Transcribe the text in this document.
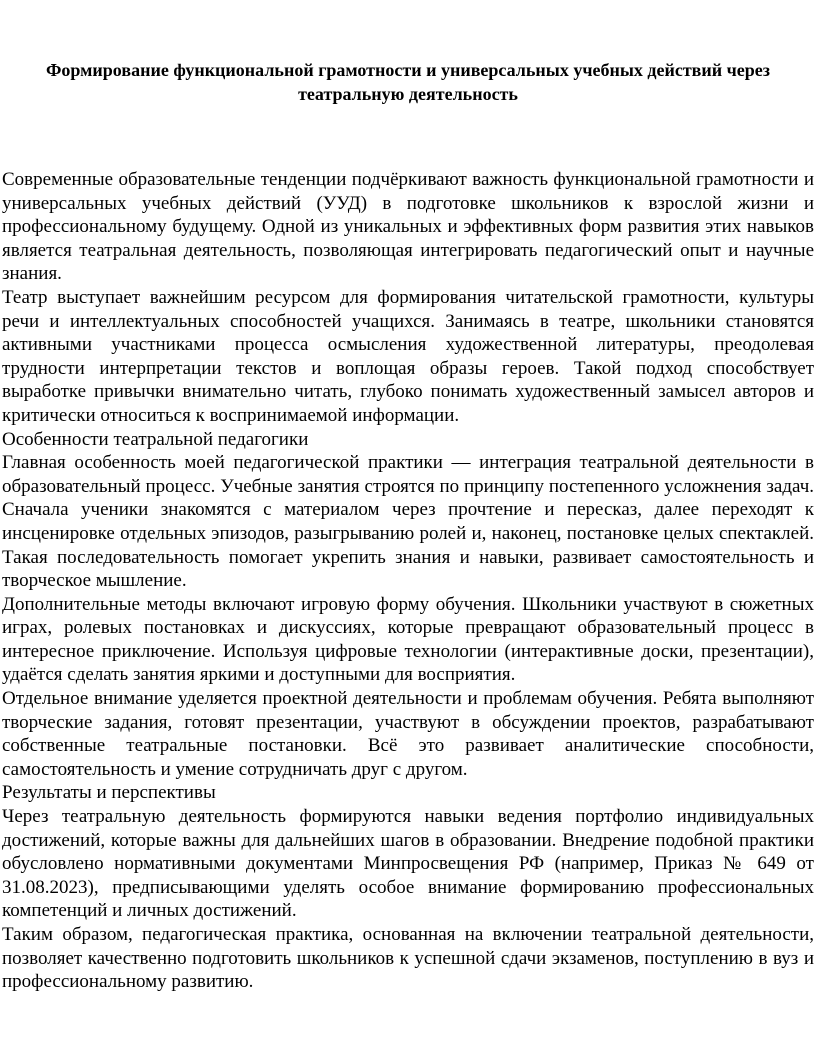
Формирование функциональной грамотности и универсальных учебных действий через театральную деятельность

Современные образовательные тенденции подчёркивают важность функциональной грамотности и универсальных учебных действий (УУД) в подготовке школьников к взрослой жизни и профессиональному будущему. Одной из уникальных и эффективных форм развития этих навыков является театральная деятельность, позволяющая интегрировать педагогический опыт и научные знания.

Театр выступает важнейшим ресурсом для формирования читательской грамотности, культуры речи и интеллектуальных способностей учащихся. Занимаясь в театре, школьники становятся активными участниками процесса осмысления художественной литературы, преодолевая трудности интерпретации текстов и воплощая образы героев. Такой подход способствует выработке привычки внимательно читать, глубоко понимать художественный замысел авторов и критически относиться к воспринимаемой информации.

Особенности театральной педагогики

Главная особенность моей педагогической практики — интеграция театральной деятельности в образовательный процесс. Учебные занятия строятся по принципу постепенного усложнения задач. Сначала ученики знакомятся с материалом через прочтение и пересказ, далее переходят к инсценировке отдельных эпизодов, разыгрыванию ролей и, наконец, постановке целых спектаклей. Такая последовательность помогает укрепить знания и навыки, развивает самостоятельность и творческое мышление.

Дополнительные методы включают игровую форму обучения. Школьники участвуют в сюжетных играх, ролевых постановках и дискуссиях, которые превращают образовательный процесс в интересное приключение. Используя цифровые технологии (интерактивные доски, презентации), удаётся сделать занятия яркими и доступными для восприятия.

Отдельное внимание уделяется проектной деятельности и проблемам обучения. Ребята выполняют творческие задания, готовят презентации, участвуют в обсуждении проектов, разрабатывают собственные театральные постановки. Всё это развивает аналитические способности, самостоятельность и умение сотрудничать друг с другом.

Результаты и перспективы

Через театральную деятельность формируются навыки ведения портфолио индивидуальных достижений, которые важны для дальнейших шагов в образовании. Внедрение подобной практики обусловлено нормативными документами Минпросвещения РФ (например, Приказ № 649 от 31.08.2023), предписывающими уделять особое внимание формированию профессиональных компетенций и личных достижений.

Таким образом, педагогическая практика, основанная на включении театральной деятельности, позволяет качественно подготовить школьников к успешной сдачи экзаменов, поступлению в вуз и профессиональному развитию.
